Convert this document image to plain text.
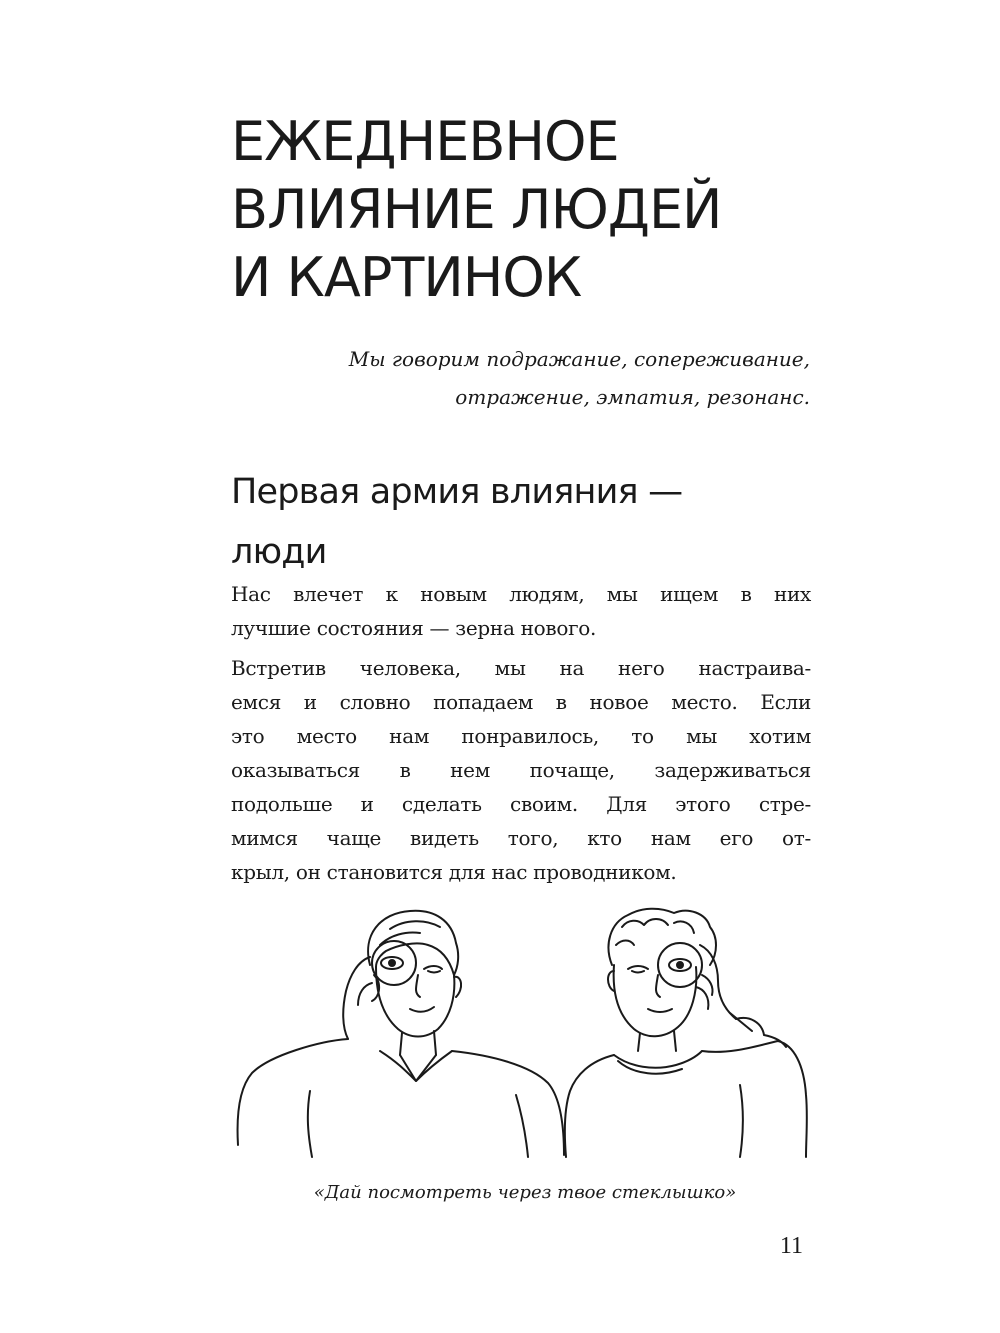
ЕЖЕДНЕВНОЕ
ВЛИЯНИЕ ЛЮДЕЙ
И КАРТИНОК
Мы говорим подражание, сопереживание,
отражение, эмпатия, резонанс.
Первая армия влияния —
люди
Нас влечет к новым людям, мы ищем в них
лучшие состояния — зерна нового.
Встретив человека, мы на него настраива-
емся и словно попадаем в новое место. Если
это место нам понравилось, то мы хотим
оказываться в нем почаще, задерживаться
подольше и сделать своим. Для этого стре-
мимся чаще видеть того, кто нам его от-
крыл, он становится для нас проводником.
«Дай посмотреть через твое стеклышко»
11
